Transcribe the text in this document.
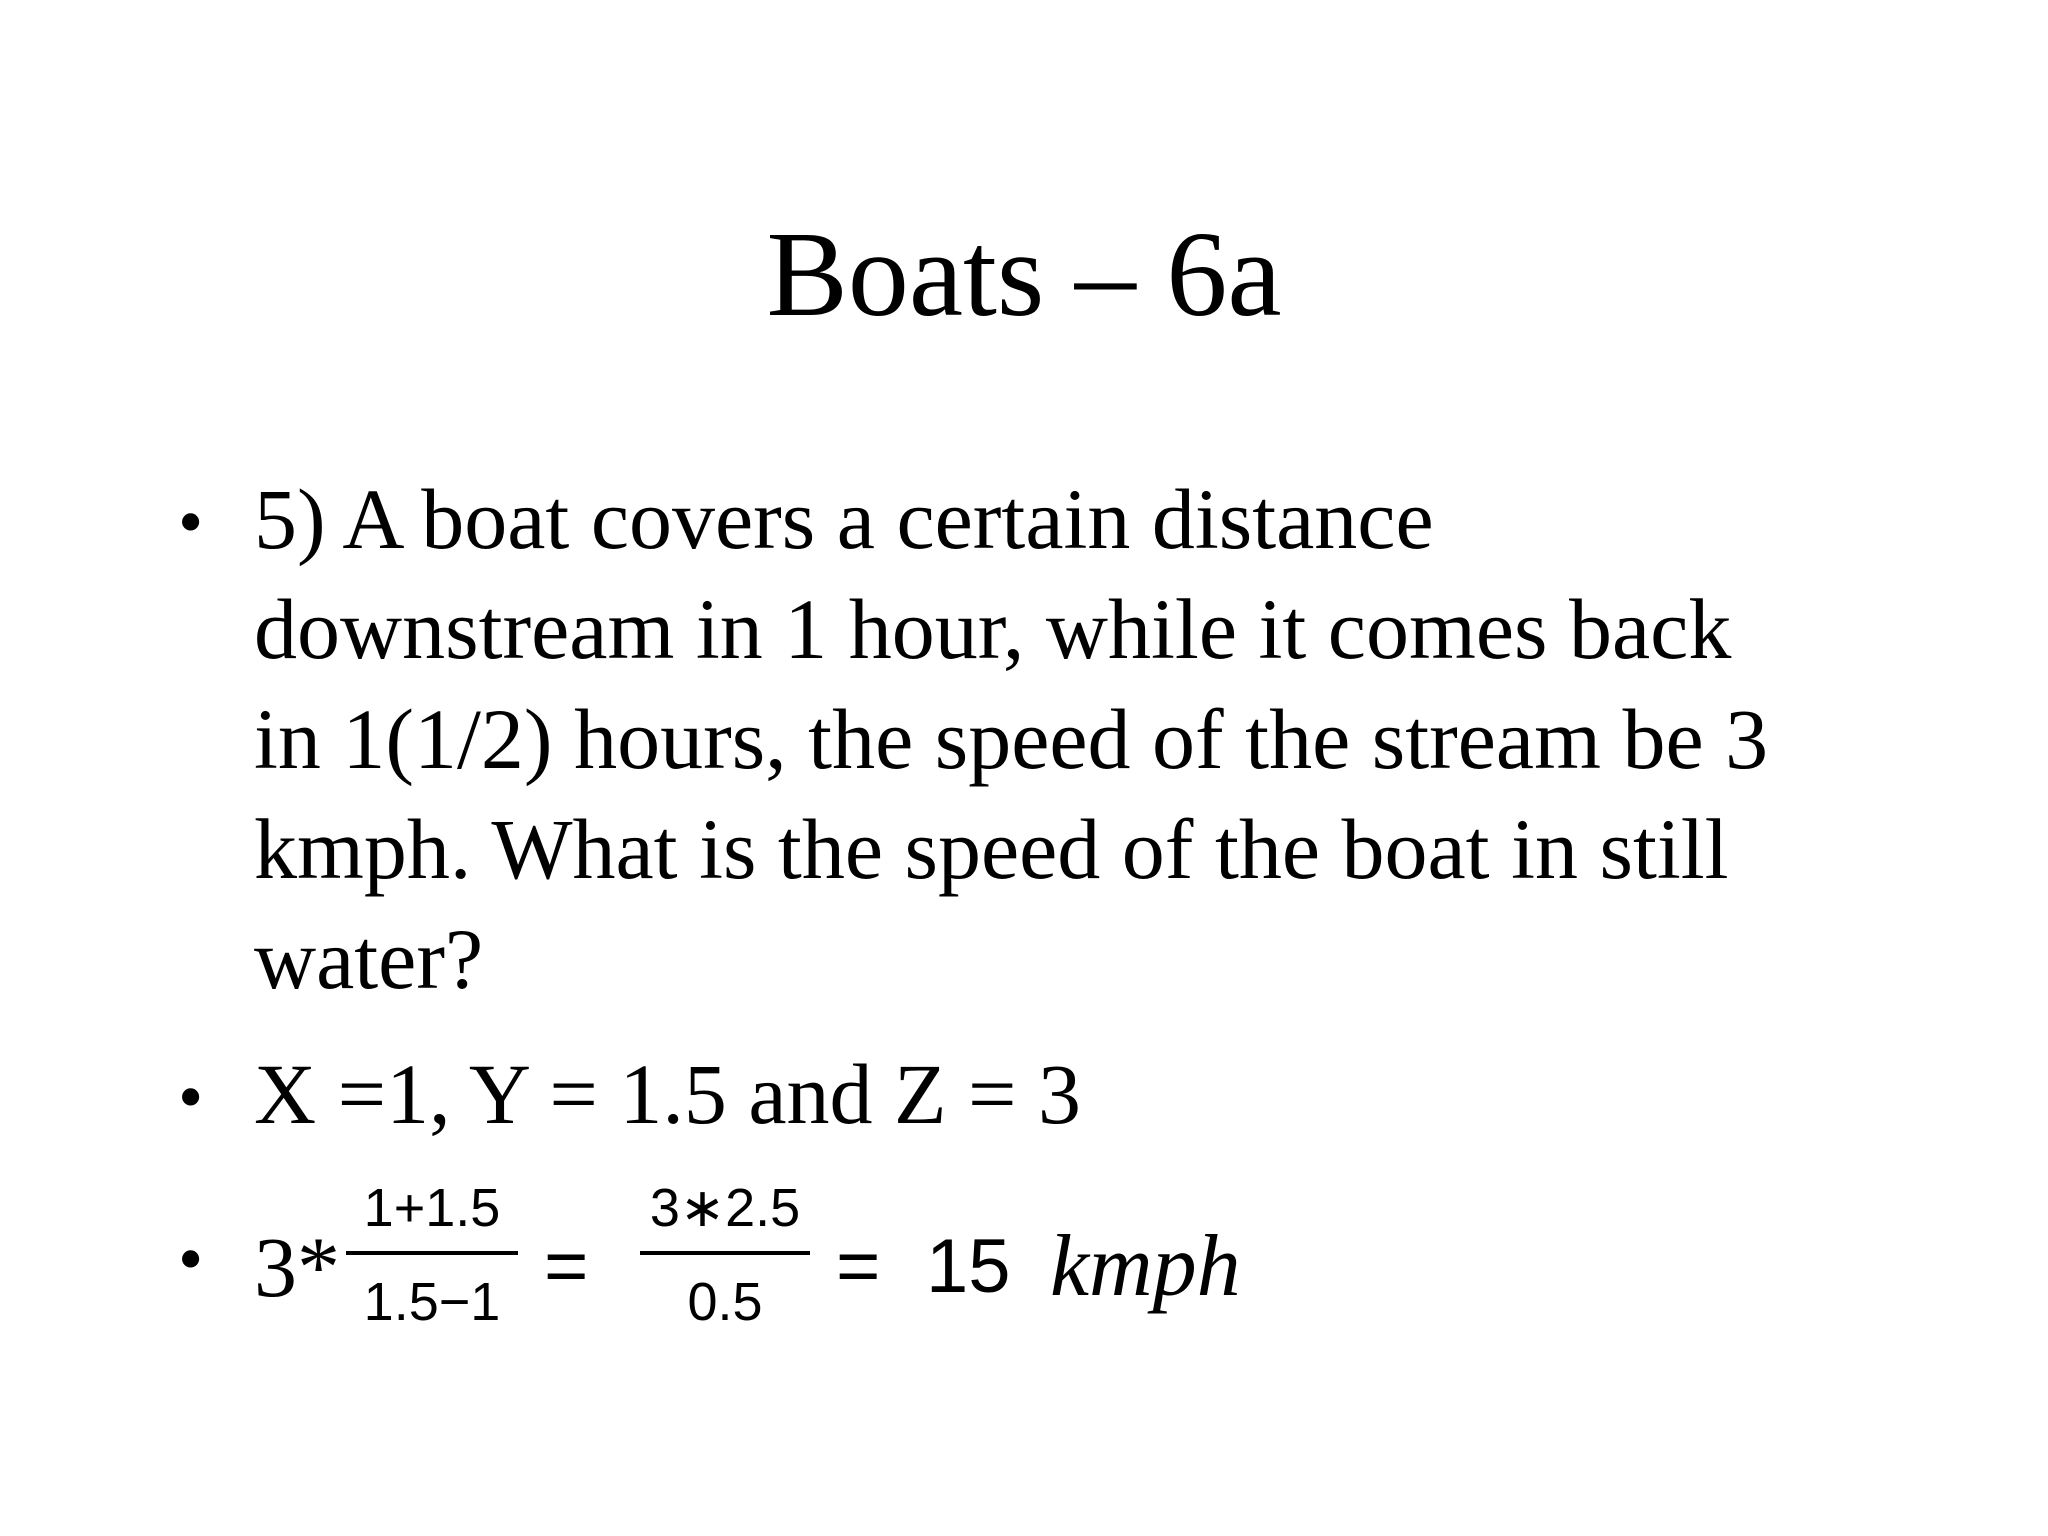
Boats – 6a
• 5) A boat covers a certain distance
downstream in 1 hour, while it comes back
in 1(1/2) hours, the speed of the stream be 3
kmph. What is the speed of the boat in still
water?
• X =1, Y = 1.5 and Z = 3
• 3*
1+1.5
1.5−1 =
3∗2.5
0.5 = 15 kmph
